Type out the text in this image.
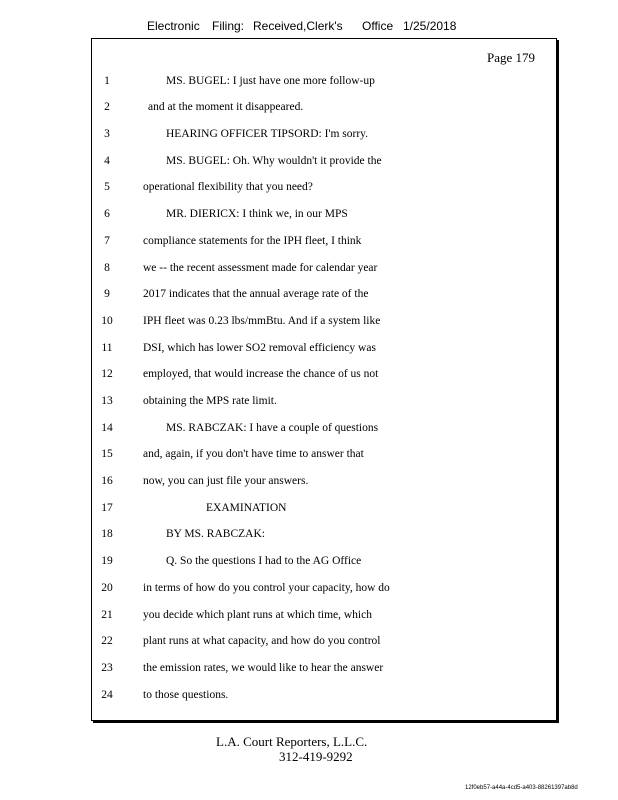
Electronic Filing: Received,Clerk's Office 1/25/2018
Page 179
1	MS. BUGEL: I just have one more follow-up
2	and at the moment it disappeared.
3	HEARING OFFICER TIPSORD: I'm sorry.
4	MS. BUGEL: Oh. Why wouldn't it provide the
5	operational flexibility that you need?
6	MR. DIERICX: I think we, in our MPS
7	compliance statements for the IPH fleet, I think
8	we -- the recent assessment made for calendar year
9	2017 indicates that the annual average rate of the
10	IPH fleet was 0.23 lbs/mmBtu. And if a system like
11	DSI, which has lower SO2 removal efficiency was
12	employed, that would increase the chance of us not
13	obtaining the MPS rate limit.
14	MS. RABCZAK: I have a couple of questions
15	and, again, if you don't have time to answer that
16	now, you can just file your answers.
17	EXAMINATION
18	BY MS. RABCZAK:
19	Q. So the questions I had to the AG Office
20	in terms of how do you control your capacity, how do
21	you decide which plant runs at which time, which
22	plant runs at what capacity, and how do you control
23	the emission rates, we would like to hear the answer
24	to those questions.
L.A. Court Reporters, L.L.C.
312-419-9292
12f0eb57-a44a-4cd5-a403-88261397ab8d
